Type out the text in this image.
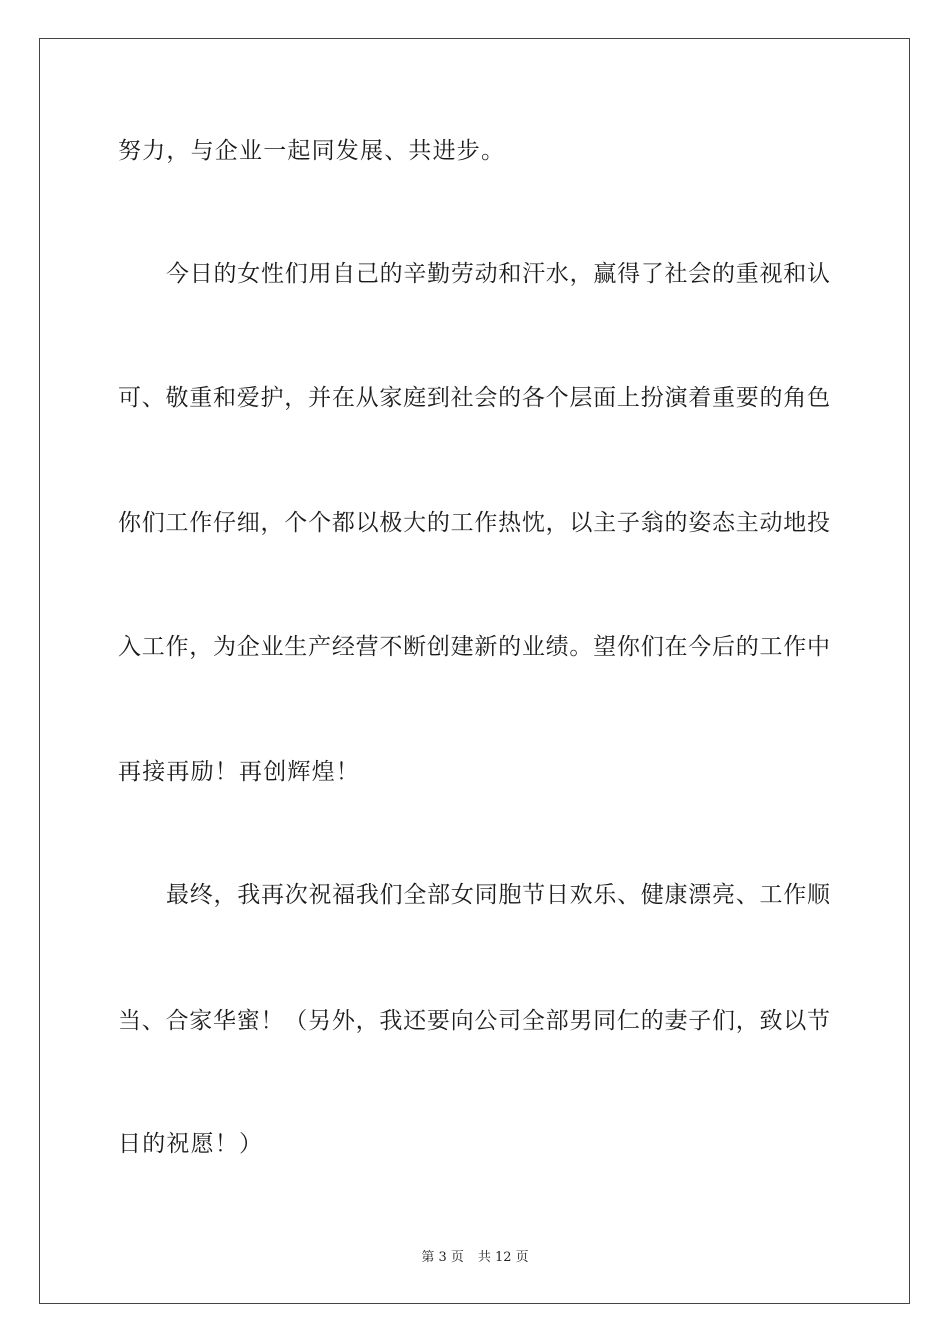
努力，与企业一起同发展、共进步。
今日的女性们用自己的辛勤劳动和汗水，赢得了社会的重视和认
可、敬重和爱护，并在从家庭到社会的各个层面上扮演着重要的角色
你们工作仔细，个个都以极大的工作热忱，以主子翁的姿态主动地投
入工作，为企业生产经营不断创建新的业绩。望你们在今后的工作中
再接再励！再创辉煌！
最终，我再次祝福我们全部女同胞节日欢乐、健康漂亮、工作顺
当、合家华蜜！（另外，我还要向公司全部男同仁的妻子们，致以节
日的祝愿！）
第 3 页 共 12 页
